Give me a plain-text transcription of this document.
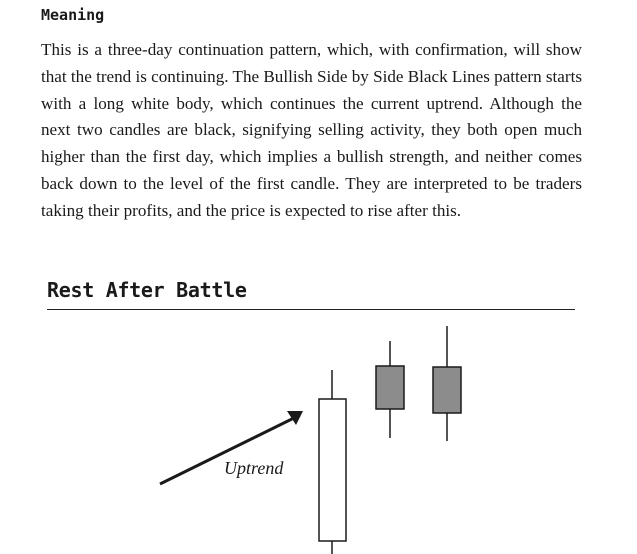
Meaning

This is a three-day continuation pattern, which, with confirmation, will show that the trend is continuing. The Bullish Side by Side Black Lines pattern starts with a long white body, which continues the current uptrend. Although the next two candles are black, signifying selling activity, they both open much higher than the first day, which implies a bullish strength, and neither comes back down to the level of the first candle. They are interpreted to be traders taking their profits, and the price is expected to rise after this.

Rest After Battle

Uptrend
